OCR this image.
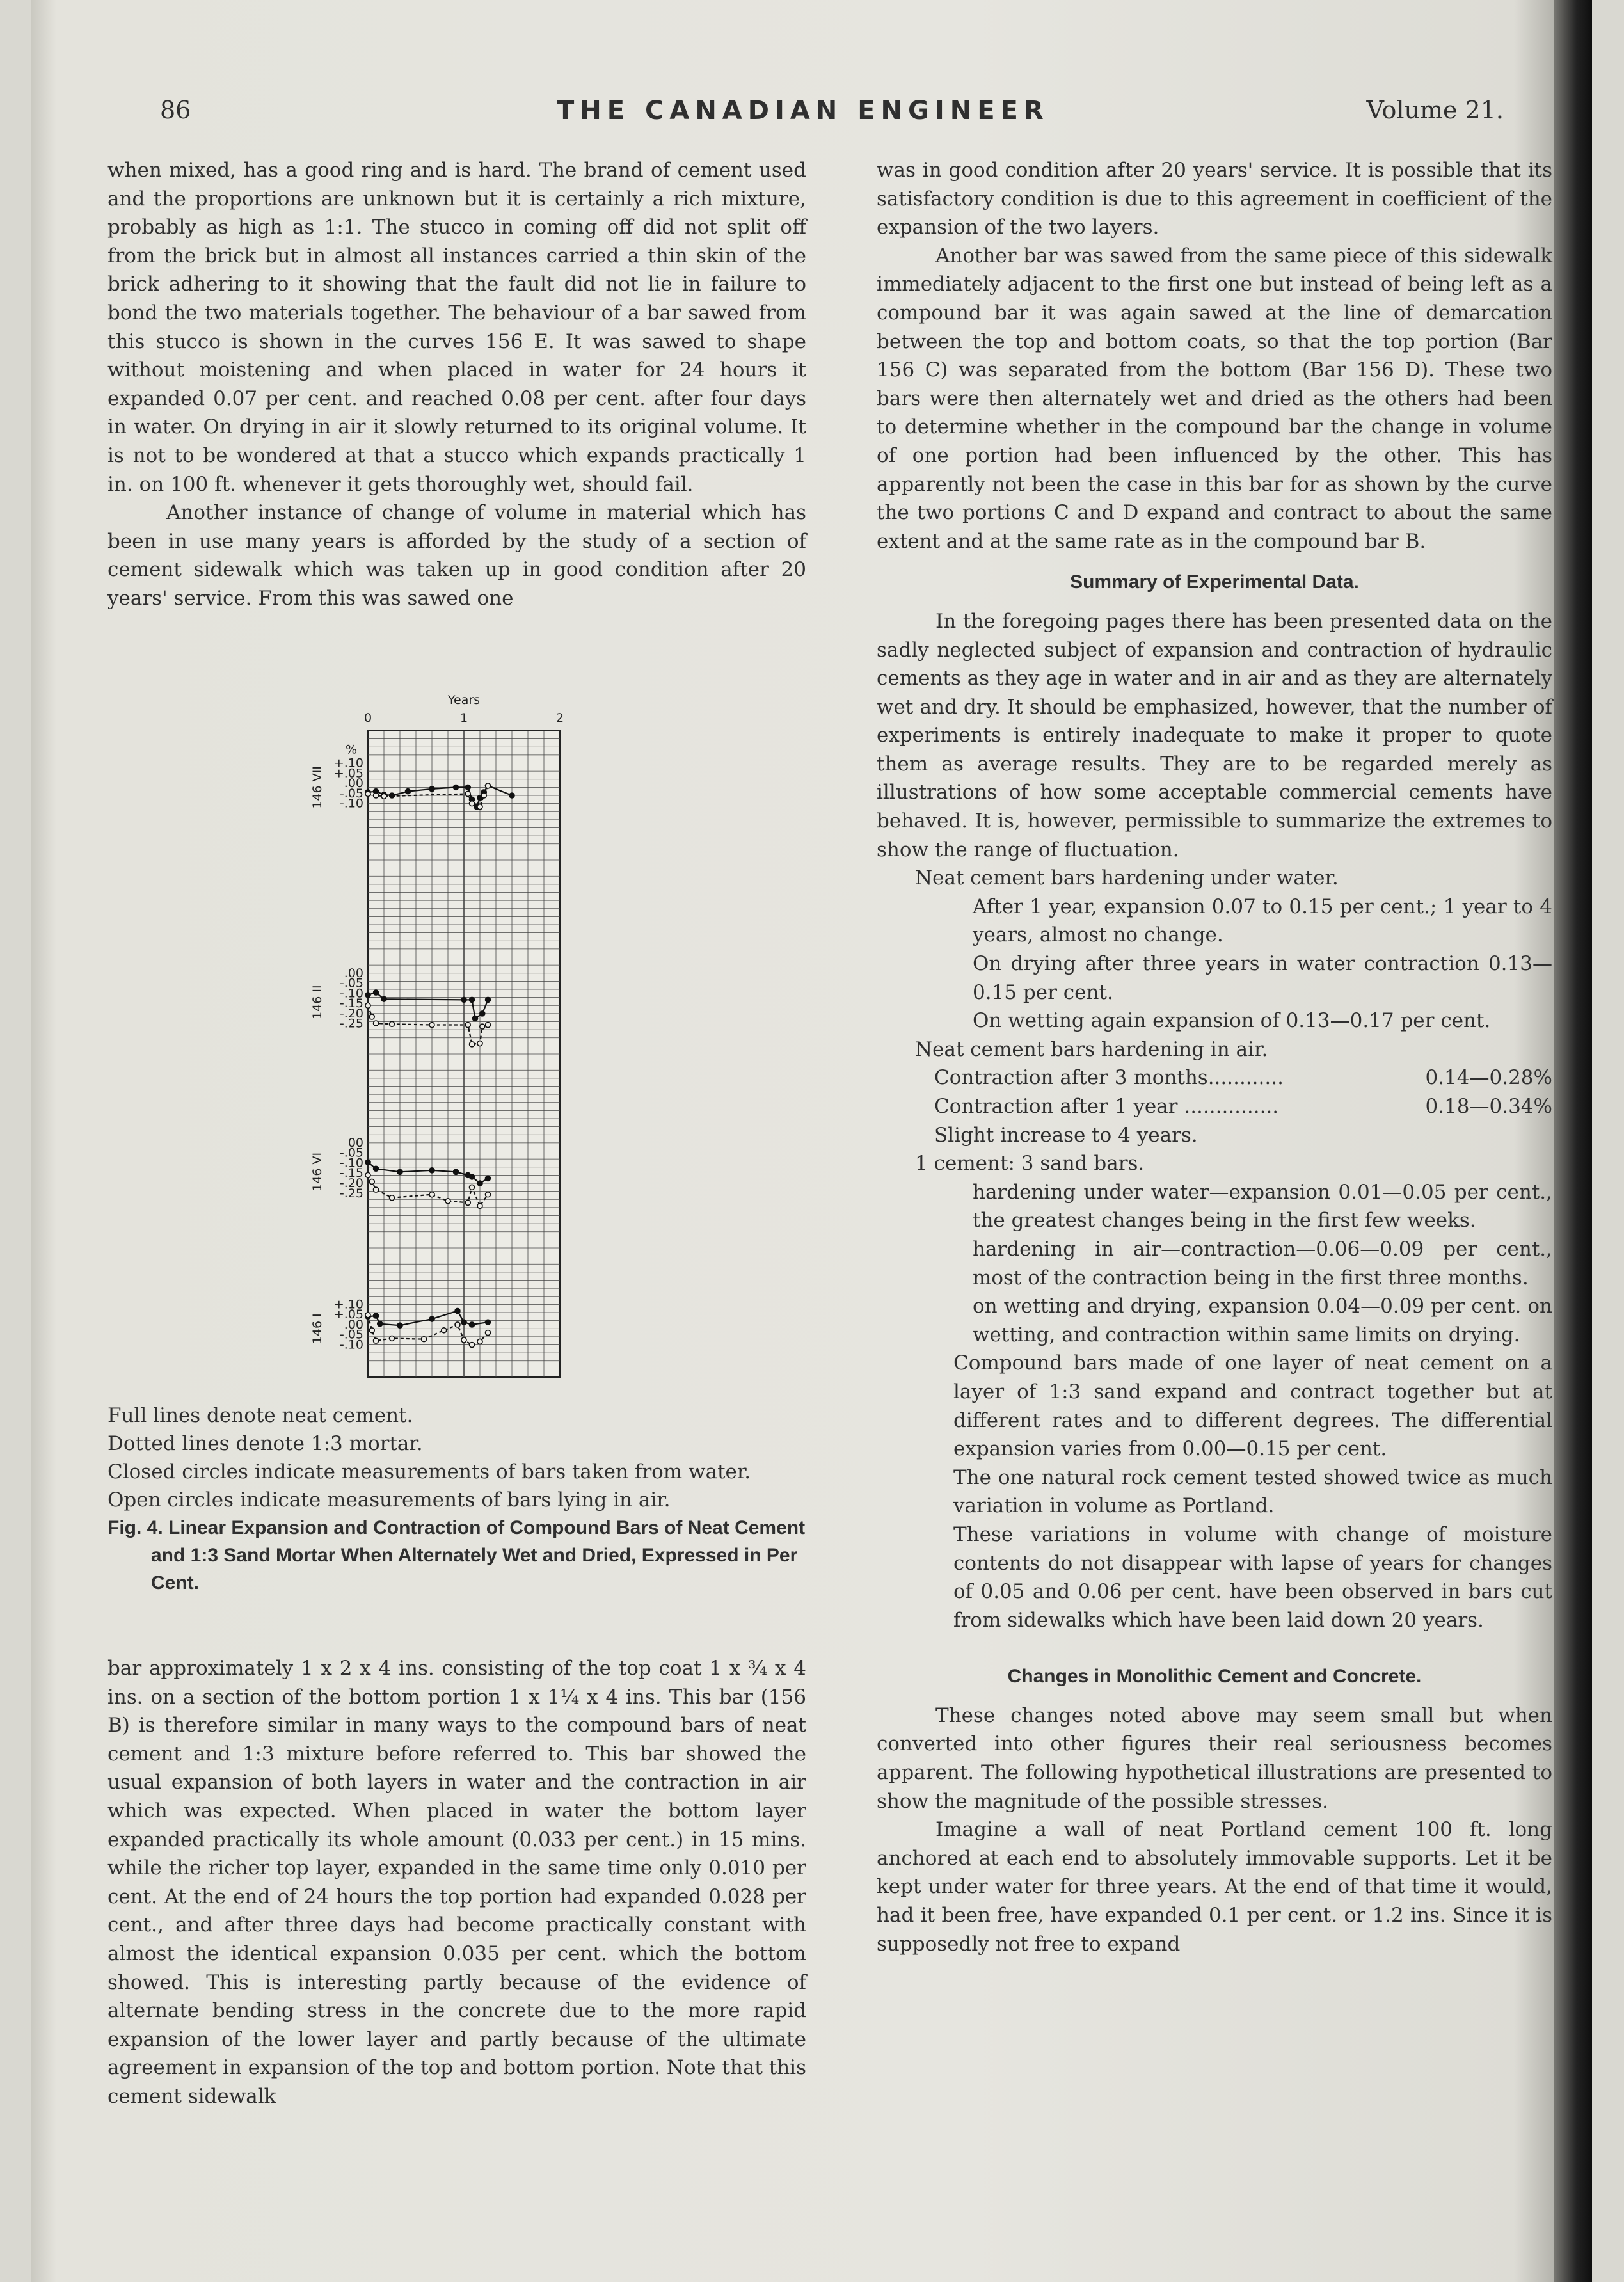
86	THE CANADIAN ENGINEER	Volume 21.

when mixed, has a good ring and is hard. The brand of cement used and the proportions are unknown but it is certainly a rich mixture, probably as high as 1:1. The stucco in coming off did not split off from the brick but in almost all instances carried a thin skin of the brick adhering to it showing that the fault did not lie in failure to bond the two materials together. The behaviour of a bar sawed from this stucco is shown in the curves 156 E. It was sawed to shape without moistening and when placed in water for 24 hours it expanded 0.07 per cent. and reached 0.08 per cent. after four days in water. On drying in air it slowly returned to its original volume. It is not to be wondered at that a stucco which expands practically 1 in. on 100 ft. whenever it gets thoroughly wet, should fail.

Another instance of change of volume in material which has been in use many years is afforded by the study of a section of cement sidewalk which was taken up in good condition after 20 years' service. From this was sawed one

Years
0	1	2
%
+.10
+.05
.00
-.05
-.10
146 VII
.00
-.05
-.10
-.15
-.20
-.25
146 II
00
-.05
-.10
-.15
-.20
-.25
146 VI
+.10
+.05
.00
-.05
-.10
146 I

Full lines denote neat cement.

Dotted lines denote 1:3 mortar.

Closed circles indicate measurements of bars taken from water.

Open circles indicate measurements of bars lying in air.

Fig. 4. Linear Expansion and Contraction of Compound Bars of Neat Cement and 1:3 Sand Mortar When Alternately Wet and Dried, Expressed in Per Cent.

bar approximately 1 x 2 x 4 ins. consisting of the top coat 1 x ¾ x 4 ins. on a section of the bottom portion 1 x 1¼ x 4 ins. This bar (156 B) is therefore similar in many ways to the compound bars of neat cement and 1:3 mixture before referred to. This bar showed the usual expansion of both layers in water and the contraction in air which was expected. When placed in water the bottom layer expanded practically its whole amount (0.033 per cent.) in 15 mins. while the richer top layer, expanded in the same time only 0.010 per cent. At the end of 24 hours the top portion had expanded 0.028 per cent., and after three days had become practically constant with almost the identical expansion 0.035 per cent. which the bottom showed. This is interesting partly because of the evidence of alternate bending stress in the concrete due to the more rapid expansion of the lower layer and partly because of the ultimate agreement in expansion of the top and bottom portion. Note that this cement sidewalk

was in good condition after 20 years' service. It is possible that its satisfactory condition is due to this agreement in coefficient of the expansion of the two layers.

Another bar was sawed from the same piece of this sidewalk immediately adjacent to the first one but instead of being left as a compound bar it was again sawed at the line of demarcation between the top and bottom coats, so that the top portion (Bar 156 C) was separated from the bottom (Bar 156 D). These two bars were then alternately wet and dried as the others had been to determine whether in the compound bar the change in volume of one portion had been influenced by the other. This has apparently not been the case in this bar for as shown by the curve the two portions C and D expand and contract to about the same extent and at the same rate as in the compound bar B.

Summary of Experimental Data.

In the foregoing pages there has been presented data on the sadly neglected subject of expansion and contraction of hydraulic cements as they age in water and in air and as they are alternately wet and dry. It should be emphasized, however, that the number of experiments is entirely inadequate to make it proper to quote them as average results. They are to be regarded merely as illustrations of how some acceptable commercial cements have behaved. It is, however, permissible to summarize the extremes to show the range of fluctuation.

Neat cement bars hardening under water.

After 1 year, expansion 0.07 to 0.15 per cent.; 1 year to 4 years, almost no change.

On drying after three years in water contraction 0.13—0.15 per cent.

On wetting again expansion of 0.13—0.17 per cent.

Neat cement bars hardening in air.

Contraction after 3 months............	0.14—0.28%
Contraction after 1 year ...............	0.18—0.34%

Slight increase to 4 years.

1 cement: 3 sand bars.

hardening under water—expansion 0.01—0.05 per cent., the greatest changes being in the first few weeks.

hardening in air—contraction—0.06—0.09 per cent., most of the contraction being in the first three months.

on wetting and drying, expansion 0.04—0.09 per cent. on wetting, and contraction within same limits on drying.

Compound bars made of one layer of neat cement on a layer of 1:3 sand expand and contract together but at different rates and to different degrees. The differential expansion varies from 0.00—0.15 per cent.

The one natural rock cement tested showed twice as much variation in volume as Portland.

These variations in volume with change of moisture contents do not disappear with lapse of years for changes of 0.05 and 0.06 per cent. have been observed in bars cut from sidewalks which have been laid down 20 years.

Changes in Monolithic Cement and Concrete.

These changes noted above may seem small but when converted into other figures their real seriousness becomes apparent. The following hypothetical illustrations are presented to show the magnitude of the possible stresses.

Imagine a wall of neat Portland cement 100 ft. long anchored at each end to absolutely immovable supports. Let it be kept under water for three years. At the end of that time it would, had it been free, have expanded 0.1 per cent. or 1.2 ins. Since it is supposedly not free to expand
